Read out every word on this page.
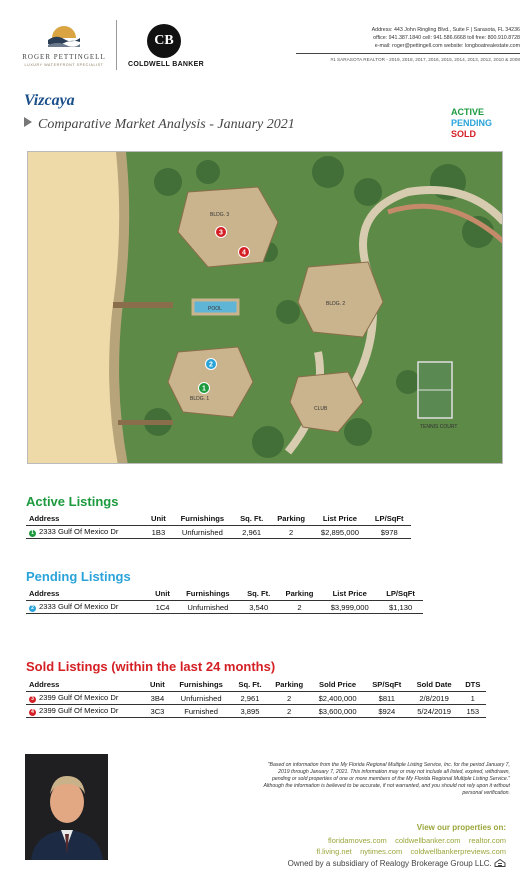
ROGER PETTINGELL
LUXURY WATERFRONT SPECIALIST
CB
COLDWELL BANKER
Address: 443 John Ringling Blvd., Suite F | Sarasota, FL 34236
office: 941.387.1840 cell: 941.586.6668 toll free: 800.910.8728
e-mail: roger@pettingell.com website: longboatrealestate.com
#1 SARASOTA REALTOR - 2019, 2018, 2017, 2016, 2015, 2014, 2013, 2012, 2010 & 2008
Vizcaya
Comparative Market Analysis - January 2021
ACTIVE
PENDING
SOLD
BLDG. 3
BLDG. 2
BLDG. 1
POOL
CLUB
TENNIS COURT
1
2
3
4
Active Listings
Address	Unit	Furnishings	Sq. Ft.	Parking	List Price	LP/SqFt
1 2333 Gulf Of Mexico Dr	1B3	Unfurnished	2,961	2	$2,895,000	$978
Pending Listings
Address	Unit	Furnishings	Sq. Ft.	Parking	List Price	LP/SqFt
2 2333 Gulf Of Mexico Dr	1C4	Unfurnished	3,540	2	$3,999,000	$1,130
Sold Listings (within the last 24 months)
Address	Unit	Furnishings	Sq. Ft.	Parking	Sold Price	SP/SqFt	Sold Date	DTS
3 2399 Gulf Of Mexico Dr	3B4	Unfurnished	2,961	2	$2,400,000	$811	2/8/2019	1
4 2399 Gulf Of Mexico Dr	3C3	Furnished	3,895	2	$3,600,000	$924	5/24/2019	153
"Based on information from the My Florida Regional Multiple Listing Service, Inc. for the period January 7, 2019 through January 7, 2021. This information may or may not include all listed, expired, withdrawn, pending or sold properties of one or more members of the My Florida Regional Multiple Listing Service." Although the information is believed to be accurate, if not warranted, and you should not rely upon it without personal verification.
View our properties on:
floridamoves.com coldwellbanker.com realtor.com
fl.living.net nytimes.com coldwellbankerpreviews.com
Owned by a subsidiary of Realogy Brokerage Group LLC.
